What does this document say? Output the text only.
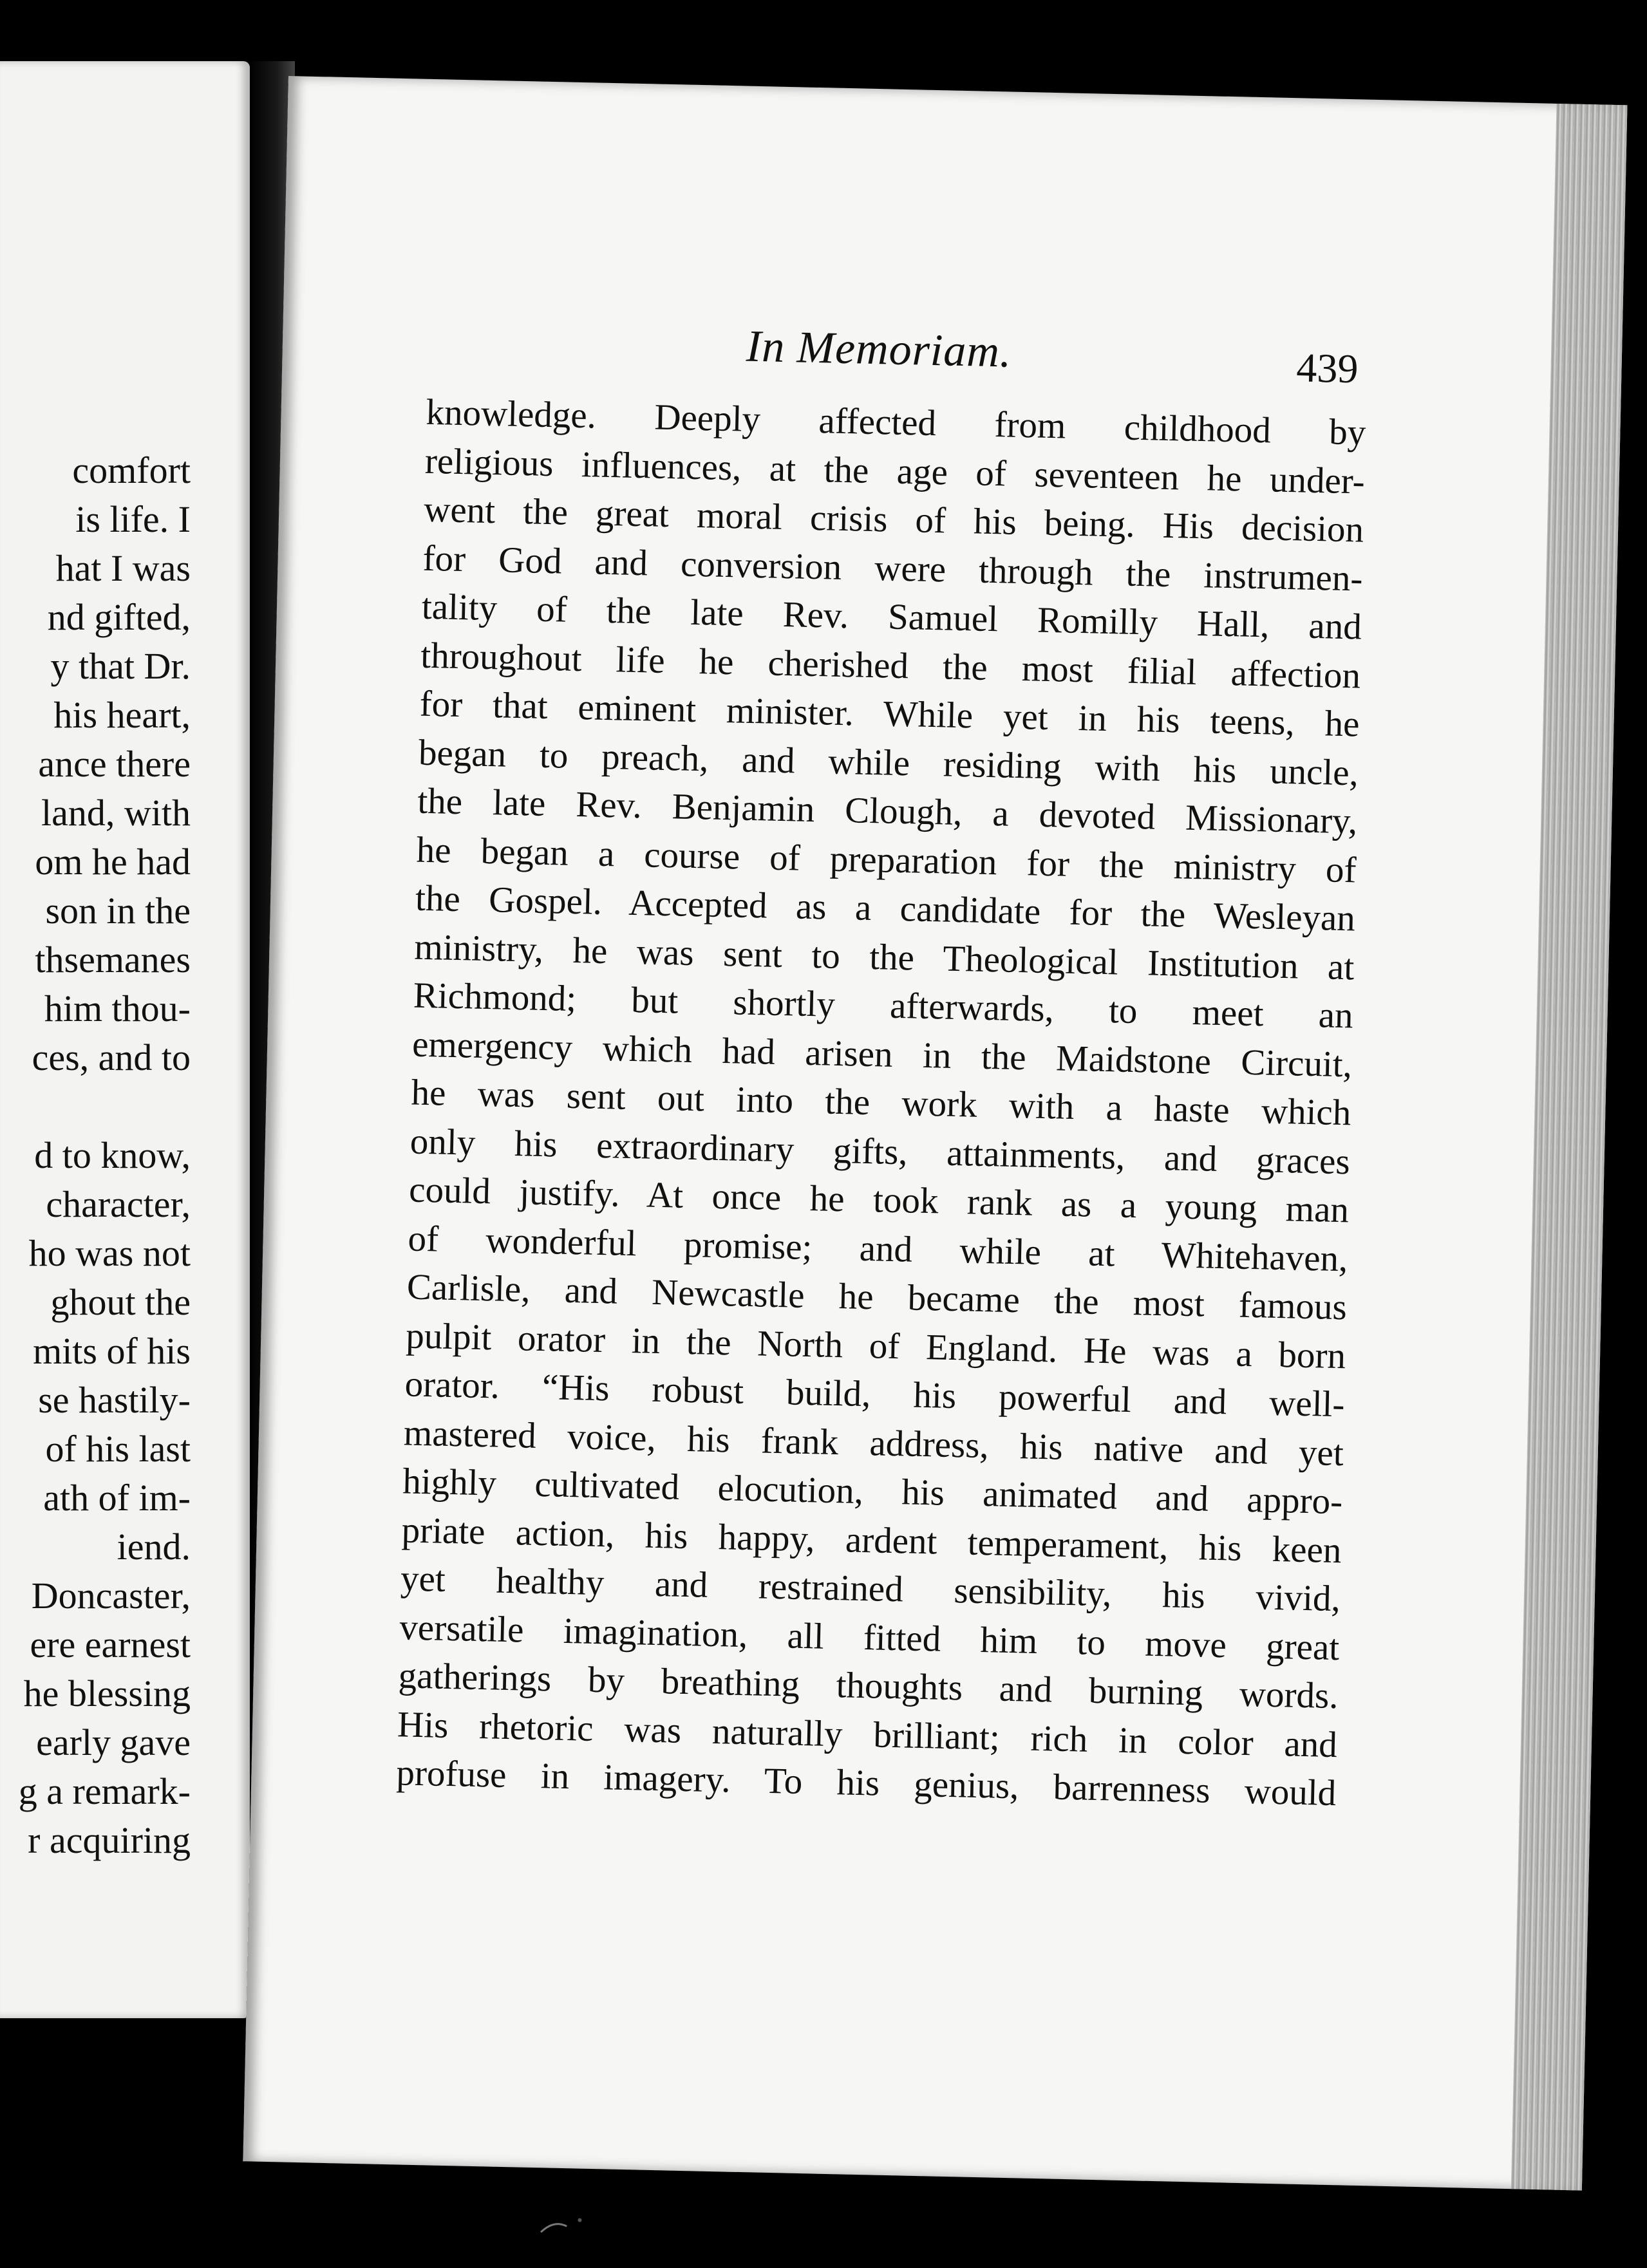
comfort
is life. I
hat I was
nd gifted,
y that Dr.
his heart,
ance there
land, with
om he had
son in the
thsemanes
him thou-
ces, and to
d to know,
character,
ho was not
ghout the
mits of his
se hastily-
of his last
ath of im-
iend.
Doncaster,
ere earnest
he blessing
early gave
g a remark-
r acquiring
In Memoriam.	439
knowledge. Deeply affected from childhood by
religious influences, at the age of seventeen he under-
went the great moral crisis of his being. His decision
for God and conversion were through the instrumen-
tality of the late Rev. Samuel Romilly Hall, and
throughout life he cherished the most filial affection
for that eminent minister. While yet in his teens, he
began to preach, and while residing with his uncle,
the late Rev. Benjamin Clough, a devoted Missionary,
he began a course of preparation for the ministry of
the Gospel. Accepted as a candidate for the Wesleyan
ministry, he was sent to the Theological Institution at
Richmond; but shortly afterwards, to meet an
emergency which had arisen in the Maidstone Circuit,
he was sent out into the work with a haste which
only his extraordinary gifts, attainments, and graces
could justify. At once he took rank as a young man
of wonderful promise; and while at Whitehaven,
Carlisle, and Newcastle he became the most famous
pulpit orator in the North of England. He was a born
orator. “His robust build, his powerful and well-
mastered voice, his frank address, his native and yet
highly cultivated elocution, his animated and appro-
priate action, his happy, ardent temperament, his keen
yet healthy and restrained sensibility, his vivid,
versatile imagination, all fitted him to move great
gatherings by breathing thoughts and burning words.
His rhetoric was naturally brilliant; rich in color and
profuse in imagery. To his genius, barrenness would
